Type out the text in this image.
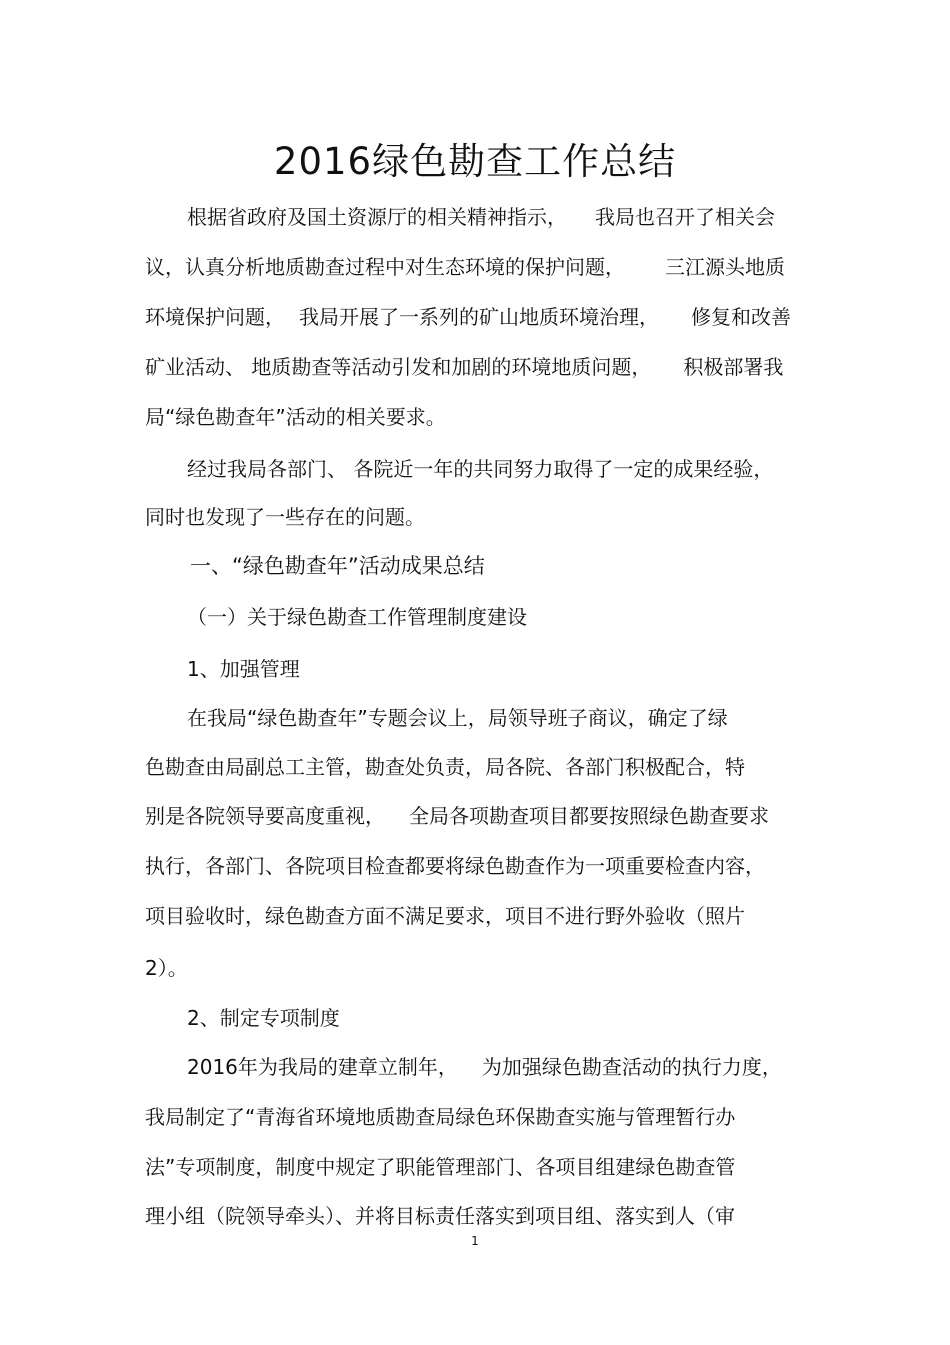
2016绿色勘查工作总结
根据省政府及国土资源厅的相关精神指示， 我局也召开了相关会
议，认真分析地质勘查过程中对生态环境的保护问题， 三江源头地质
环境保护问题， 我局开展了一系列的矿山地质环境治理， 修复和改善
矿业活动、 地质勘查等活动引发和加剧的环境地质问题， 积极部署我
局“绿色勘查年”活动的相关要求。
经过我局各部门、 各院近一年的共同努力取得了一定的成果经验，
同时也发现了一些存在的问题。
一、“绿色勘查年”活动成果总结
（一）关于绿色勘查工作管理制度建设
1、加强管理
在我局“绿色勘查年”专题会议上，局领导班子商议，确定了绿
色勘查由局副总工主管，勘查处负责，局各院、各部门积极配合，特
别是各院领导要高度重视， 全局各项勘查项目都要按照绿色勘查要求
执行，各部门、各院项目检查都要将绿色勘查作为一项重要检查内容，
项目验收时，绿色勘查方面不满足要求，项目不进行野外验收（照片
2）。
2、制定专项制度
2016年为我局的建章立制年， 为加强绿色勘查活动的执行力度，
我局制定了“青海省环境地质勘查局绿色环保勘查实施与管理暂行办
法”专项制度，制度中规定了职能管理部门、各项目组建绿色勘查管
理小组（院领导牵头）、并将目标责任落实到项目组、落实到人（审
1
